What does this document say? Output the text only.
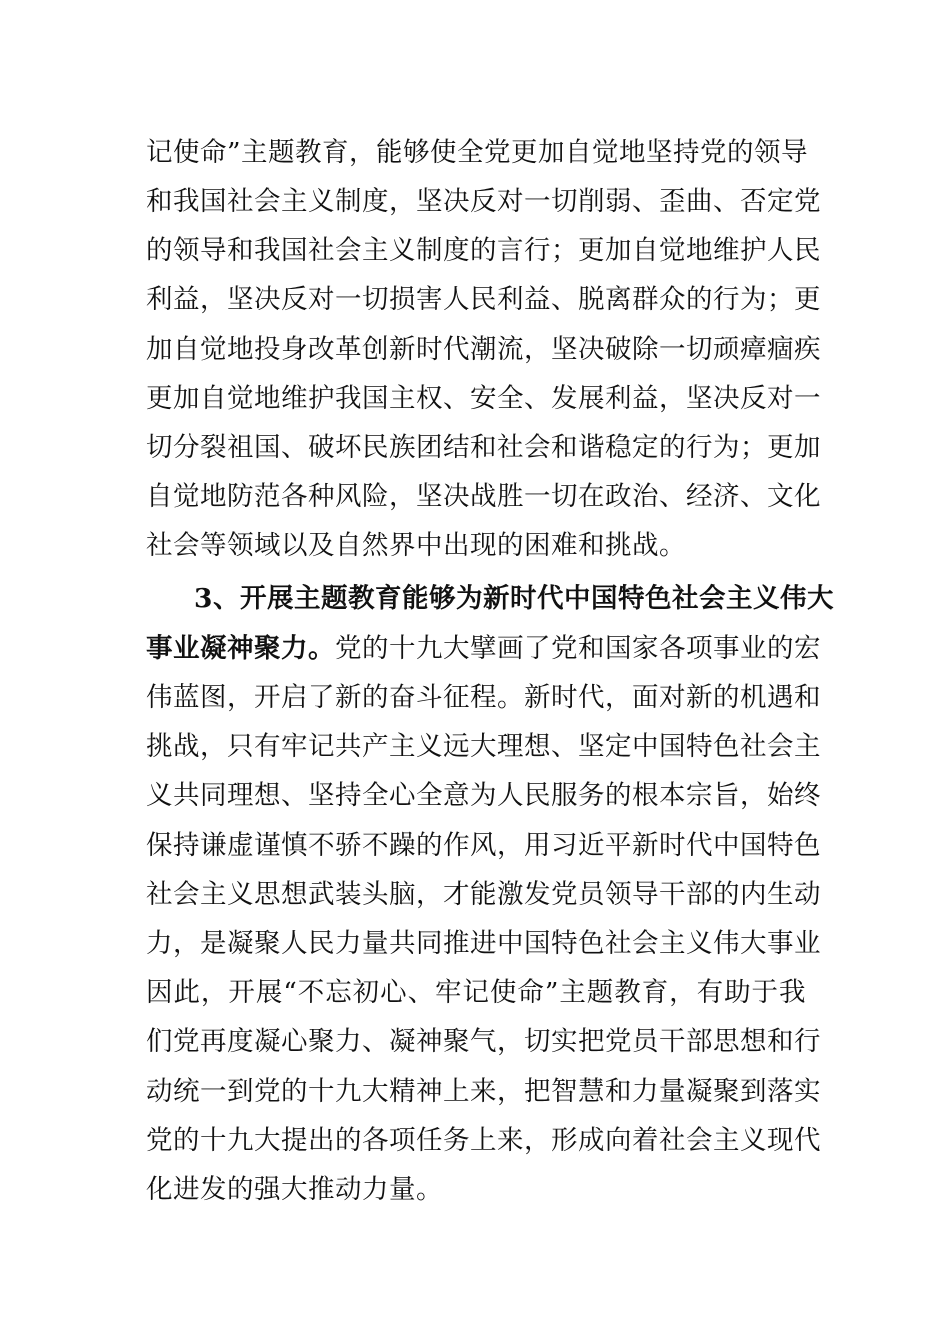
记使命”主题教育，能够使全党更加自觉地坚持党的领导
和我国社会主义制度，坚决反对一切削弱、歪曲、否定党
的领导和我国社会主义制度的言行；更加自觉地维护人民
利益，坚决反对一切损害人民利益、脱离群众的行为；更
加自觉地投身改革创新时代潮流，坚决破除一切顽瘴痼疾
更加自觉地维护我国主权、安全、发展利益，坚决反对一
切分裂祖国、破坏民族团结和社会和谐稳定的行为；更加
自觉地防范各种风险，坚决战胜一切在政治、经济、文化
社会等领域以及自然界中出现的困难和挑战。
3、开展主题教育能够为新时代中国特色社会主义伟大
事业凝神聚力。党的十九大擘画了党和国家各项事业的宏
伟蓝图，开启了新的奋斗征程。新时代，面对新的机遇和
挑战，只有牢记共产主义远大理想、坚定中国特色社会主
义共同理想、坚持全心全意为人民服务的根本宗旨，始终
保持谦虚谨慎不骄不躁的作风，用习近平新时代中国特色
社会主义思想武装头脑，才能激发党员领导干部的内生动
力，是凝聚人民力量共同推进中国特色社会主义伟大事业
因此，开展“不忘初心、牢记使命”主题教育，有助于我
们党再度凝心聚力、凝神聚气，切实把党员干部思想和行
动统一到党的十九大精神上来，把智慧和力量凝聚到落实
党的十九大提出的各项任务上来，形成向着社会主义现代
化进发的强大推动力量。
